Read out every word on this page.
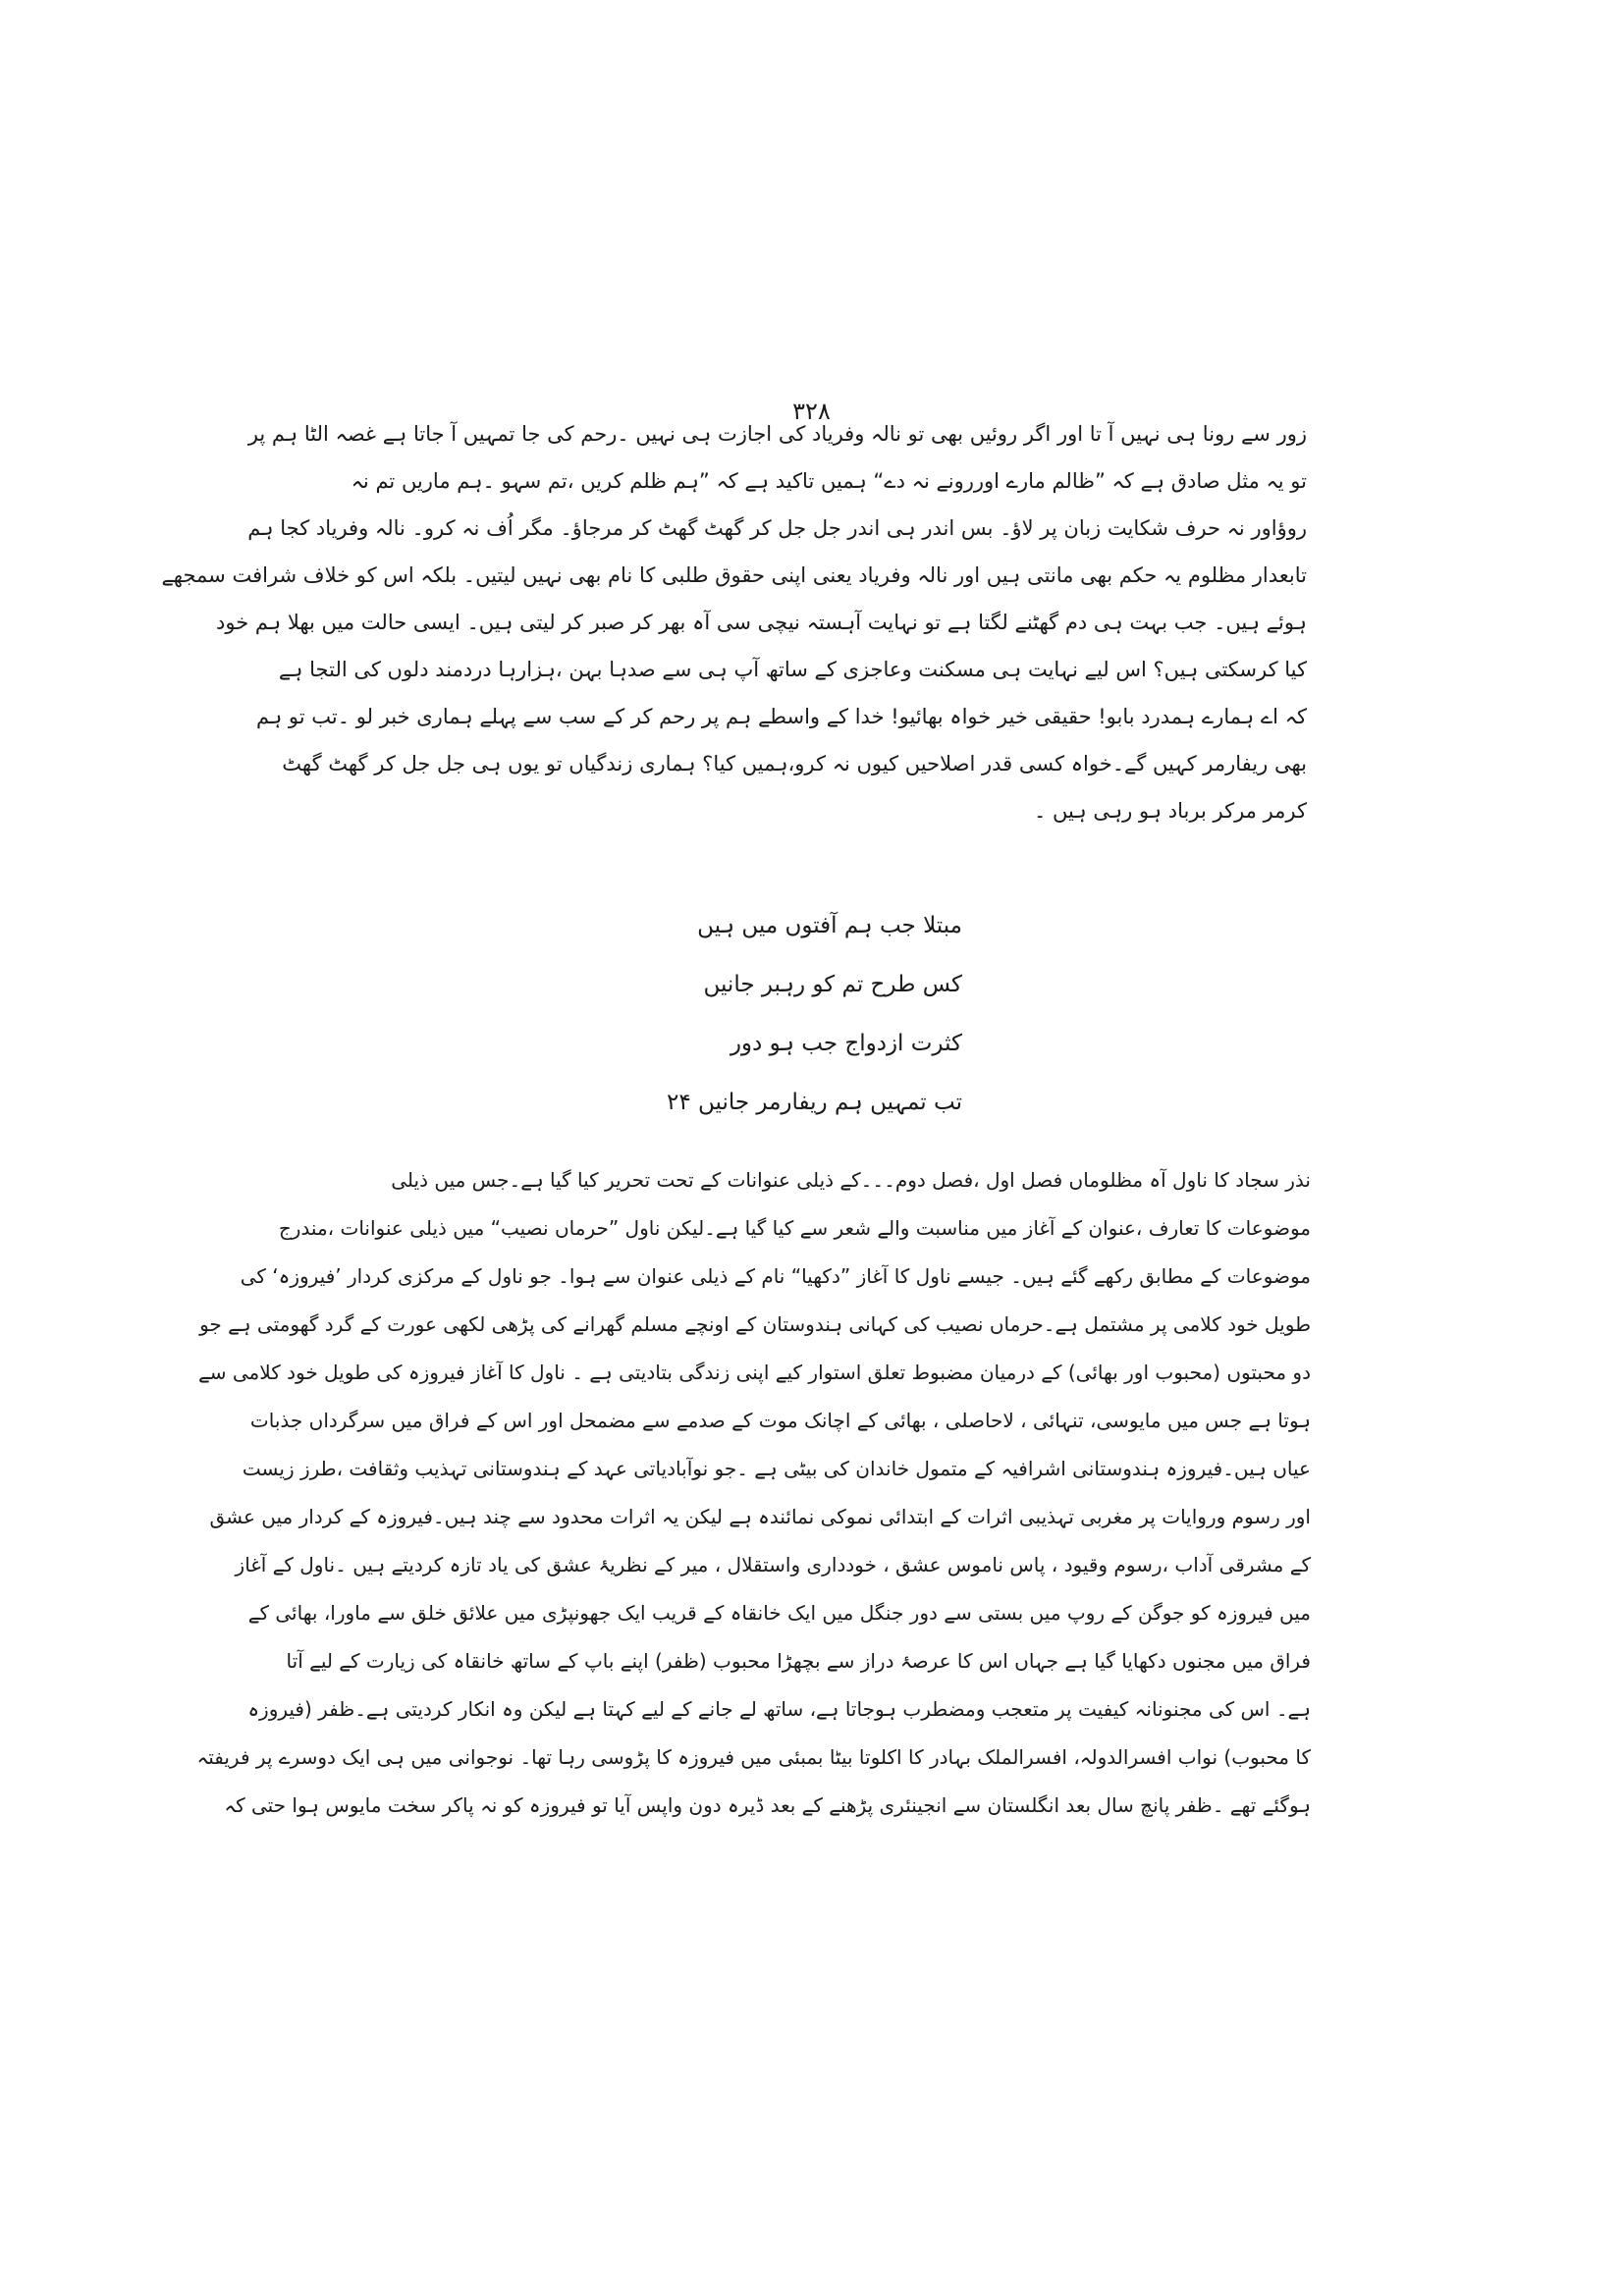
۳۲۸
زور سے رونا ہی نہیں آ تا اور اگر روئیں بھی تو نالہ وفریاد کی اجازت ہی نہیں ۔رحم کی جا تمہیں آ جاتا ہے غصہ الٹا ہم پر
تو یہ مثل صادق ہے کہ ”ظالم مارے اوررونے نہ دے“ ہمیں تاکید ہے کہ ”ہم ظلم کریں ،تم سہو ۔ہم ماریں تم نہ
روؤاور نہ حرف شکایت زبان پر لاؤ۔ بس اندر ہی اندر جل جل کر گھٹ گھٹ کر مرجاؤ۔ مگر اُف نہ کرو۔ نالہ وفریاد کجا ہم
تابعدار مظلوم یہ حکم بھی مانتی ہیں اور نالہ وفریاد یعنی اپنی حقوق طلبی کا نام بھی نہیں لیتیں۔ بلکہ اس کو خلاف شرافت سمجھے
ہوئے ہیں۔ جب بہت ہی دم گھٹنے لگتا ہے تو نہایت آہستہ نیچی سی آہ بھر کر صبر کر لیتی ہیں۔ ایسی حالت میں بھلا ہم خود
کیا کرسکتی ہیں؟ اس لیے نہایت ہی مسکنت وعاجزی کے ساتھ آپ ہی سے صدہا بہن ،ہزارہا دردمند دلوں کی التجا ہے
کہ اے ہمارے ہمدرد بابو! حقیقی خیر خواہ بھائیو! خدا کے واسطے ہم پر رحم کر کے سب سے پہلے ہماری خبر لو ۔تب تو ہم
بھی ریفارمر کہیں گے۔خواہ کسی قدر اصلاحیں کیوں نہ کرو،ہمیں کیا؟ ہماری زندگیاں تو یوں ہی جل جل کر گھٹ گھٹ
کرمر مرکر برباد ہو رہی ہیں ۔
مبتلا جب ہم آفتوں میں ہیں
کس طرح تم کو رہبر جانیں
کثرت ازدواج جب ہو دور
تب تمہیں ہم ریفارمر جانیں ۲۴
نذر سجاد کا ناول آہ مظلوماں فصل اول ،فصل دوم۔۔۔کے ذیلی عنوانات کے تحت تحریر کیا گیا ہے۔جس میں ذیلی
موضوعات کا تعارف ،عنوان کے آغاز میں مناسبت والے شعر سے کیا گیا ہے۔لیکن ناول ”حرماں نصیب“ میں ذیلی عنوانات ،مندرج
موضوعات کے مطابق رکھے گئے ہیں۔ جیسے ناول کا آغاز ”دکھیا“ نام کے ذیلی عنوان سے ہوا۔ جو ناول کے مرکزی کردار ’فیروزہ‘ کی
طویل خود کلامی پر مشتمل ہے۔حرماں نصیب کی کہانی ہندوستان کے اونچے مسلم گھرانے کی پڑھی لکھی عورت کے گرد گھومتی ہے جو
دو محبتوں (محبوب اور بھائی) کے درمیان مضبوط تعلق استوار کیے اپنی زندگی بتادیتی ہے ۔ ناول کا آغاز فیروزہ کی طویل خود کلامی سے
ہوتا ہے جس میں مایوسی، تنہائی ، لاحاصلی ، بھائی کے اچانک موت کے صدمے سے مضمحل اور اس کے فراق میں سرگرداں جذبات
عیاں ہیں۔فیروزہ ہندوستانی اشرافیہ کے متمول خاندان کی بیٹی ہے ۔جو نوآبادیاتی عہد کے ہندوستانی تہذیب وثقافت ،طرز زیست
اور رسوم وروایات پر مغربی تہذیبی اثرات کے ابتدائی نموکی نمائندہ ہے لیکن یہ اثرات محدود سے چند ہیں۔فیروزہ کے کردار میں عشق
کے مشرقی آداب ،رسوم وقیود ، پاس ناموس عشق ، خودداری واستقلال ، میر کے نظریۂ عشق کی یاد تازہ کردیتے ہیں ۔ناول کے آغاز
میں فیروزہ کو جوگن کے روپ میں بستی سے دور جنگل میں ایک خانقاہ کے قریب ایک جھونپڑی میں علائق خلق سے ماورا، بھائی کے
فراق میں مجنوں دکھایا گیا ہے جہاں اس کا عرصۂ دراز سے بچھڑا محبوب (ظفر) اپنے باپ کے ساتھ خانقاہ کی زیارت کے لیے آتا
ہے۔ اس کی مجنونانہ کیفیت پر متعجب ومضطرب ہوجاتا ہے، ساتھ لے جانے کے لیے کہتا ہے لیکن وہ انکار کردیتی ہے۔ظفر (فیروزہ
کا محبوب) نواب افسرالدولہ، افسرالملک بہادر کا اکلوتا بیٹا بمبئی میں فیروزہ کا پڑوسی رہا تھا۔ نوجوانی میں ہی ایک دوسرے پر فریفتہ
ہوگئے تھے ۔ظفر پانچ سال بعد انگلستان سے انجینئری پڑھنے کے بعد ڈیرہ دون واپس آیا تو فیروزہ کو نہ پاکر سخت مایوس ہوا حتی کہ
